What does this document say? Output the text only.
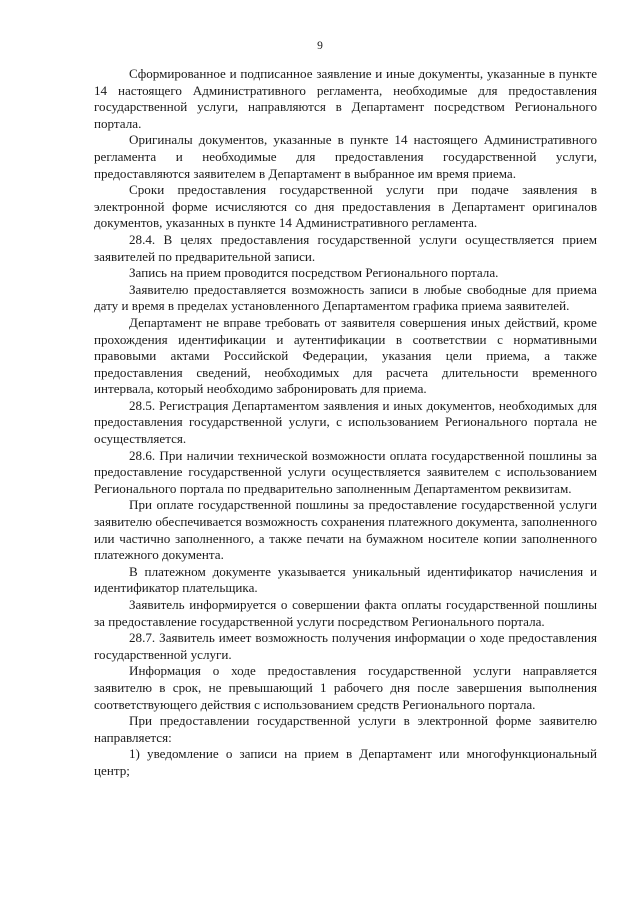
9

Сформированное и подписанное заявление и иные документы, указанные в пункте 14 настоящего Административного регламента, необходимые для предоставления государственной услуги, направляются в Департамент посредством Регионального портала.

Оригиналы документов, указанные в пункте 14 настоящего Административного регламента и необходимые для предоставления государственной услуги, предоставляются заявителем в Департамент в выбранное им время приема.

Сроки предоставления государственной услуги при подаче заявления в электронной форме исчисляются со дня предоставления в Департамент оригиналов документов, указанных в пункте 14 Административного регламента.

28.4. В целях предоставления государственной услуги осуществляется прием заявителей по предварительной записи.

Запись на прием проводится посредством Регионального портала.

Заявителю предоставляется возможность записи в любые свободные для приема дату и время в пределах установленного Департаментом графика приема заявителей.

Департамент не вправе требовать от заявителя совершения иных действий, кроме прохождения идентификации и аутентификации в соответствии с нормативными правовыми актами Российской Федерации, указания цели приема, а также предоставления сведений, необходимых для расчета длительности временного интервала, который необходимо забронировать для приема.

28.5. Регистрация Департаментом заявления и иных документов, необходимых для предоставления государственной услуги, с использованием Регионального портала не осуществляется.

28.6. При наличии технической возможности оплата государственной пошлины за предоставление государственной услуги осуществляется заявителем с использованием Регионального портала по предварительно заполненным Департаментом реквизитам.

При оплате государственной пошлины за предоставление государственной услуги заявителю обеспечивается возможность сохранения платежного документа, заполненного или частично заполненного, а также печати на бумажном носителе копии заполненного платежного документа.

В платежном документе указывается уникальный идентификатор начисления и идентификатор плательщика.

Заявитель информируется о совершении факта оплаты государственной пошлины за предоставление государственной услуги посредством Регионального портала.

28.7. Заявитель имеет возможность получения информации о ходе предоставления государственной услуги.

Информация о ходе предоставления государственной услуги направляется заявителю в срок, не превышающий 1 рабочего дня после завершения выполнения соответствующего действия с использованием средств Регионального портала.

При предоставлении государственной услуги в электронной форме заявителю направляется:

1) уведомление о записи на прием в Департамент или многофункциональный центр;
